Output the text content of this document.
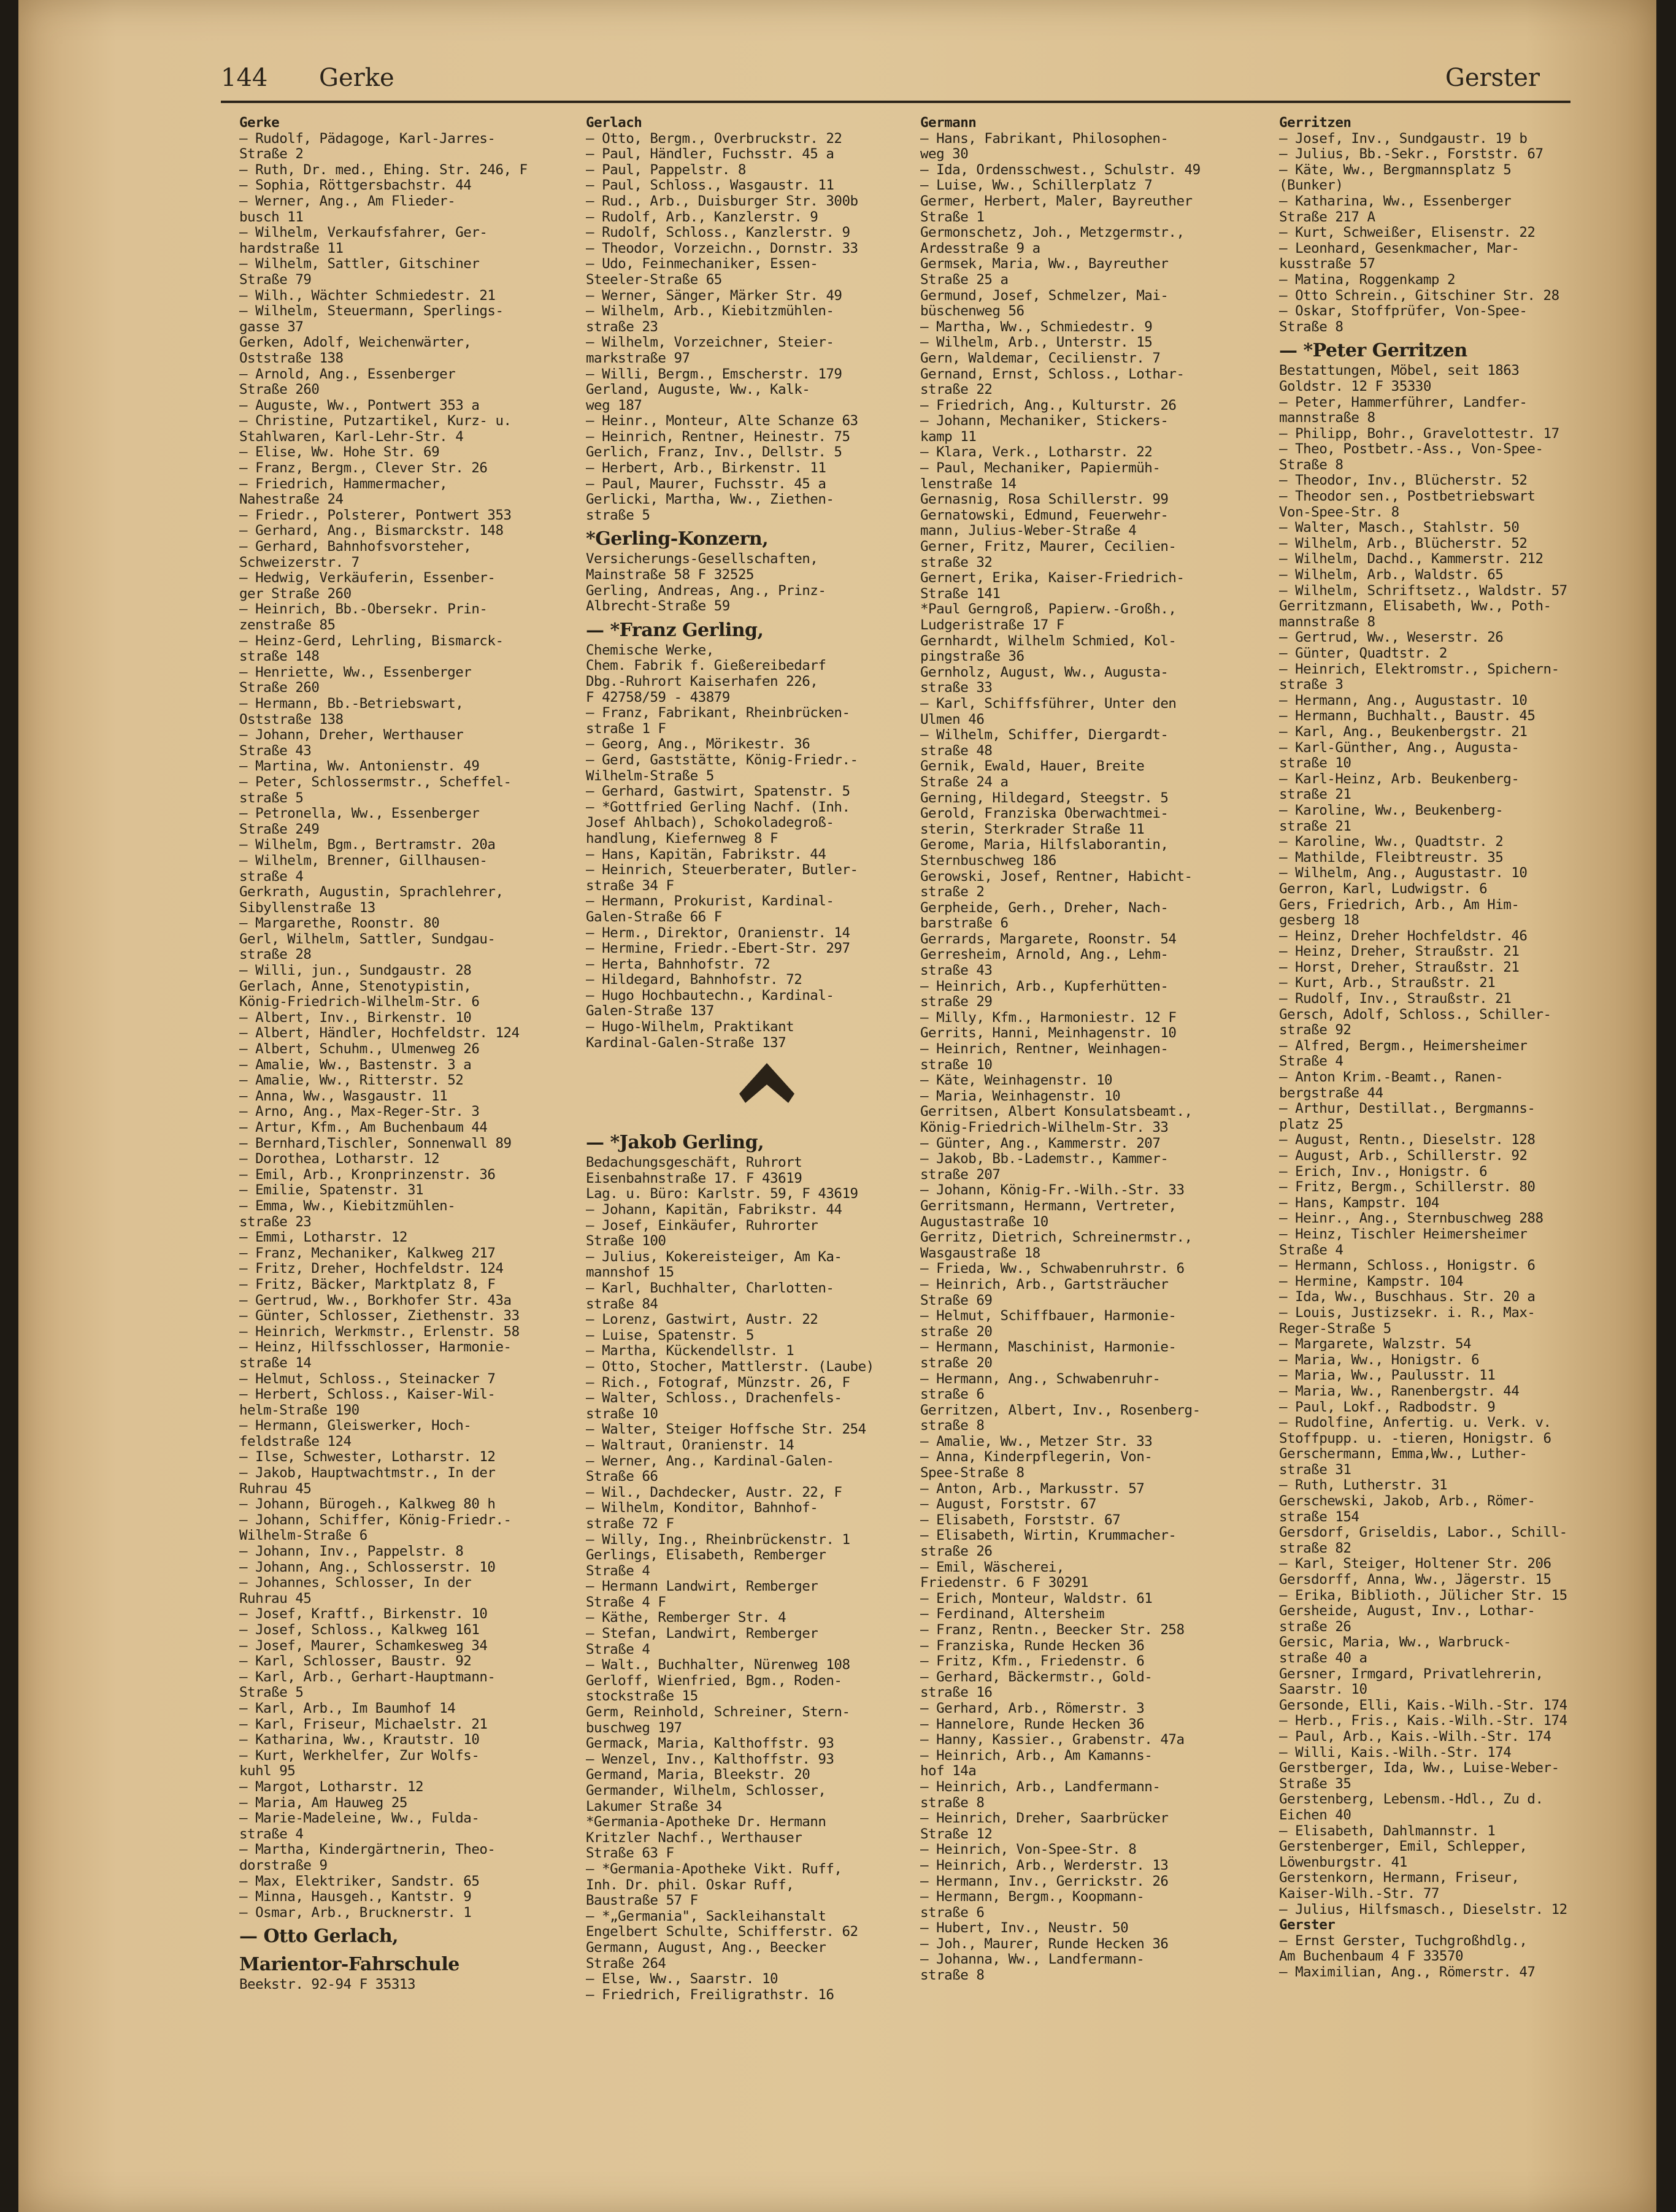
144 Gerke	Gerster
Gerke
— Rudolf, Pädagoge, Karl-Jarres-
Straße 2
— Ruth, Dr. med., Ehing. Str. 246, F
— Sophia, Röttgersbachstr. 44
— Werner, Ang., Am Flieder-
busch 11
— Wilhelm, Verkaufsfahrer, Ger-
hardstraße 11
— Wilhelm, Sattler, Gitschiner
Straße 79
— Wilh., Wächter Schmiedestr. 21
— Wilhelm, Steuermann, Sperlings-
gasse 37
Gerken, Adolf, Weichenwärter,
Oststraße 138
— Arnold, Ang., Essenberger
Straße 260
— Auguste, Ww., Pontwert 353 a
— Christine, Putzartikel, Kurz- u.
Stahlwaren, Karl-Lehr-Str. 4
— Elise, Ww. Hohe Str. 69
— Franz, Bergm., Clever Str. 26
— Friedrich, Hammermacher,
Nahestraße 24
— Friedr., Polsterer, Pontwert 353
— Gerhard, Ang., Bismarckstr. 148
— Gerhard, Bahnhofsvorsteher,
Schweizerstr. 7
— Hedwig, Verkäuferin, Essenber-
ger Straße 260
— Heinrich, Bb.-Obersekr. Prin-
zenstraße 85
— Heinz-Gerd, Lehrling, Bismarck-
straße 148
— Henriette, Ww., Essenberger
Straße 260
— Hermann, Bb.-Betriebswart,
Oststraße 138
— Johann, Dreher, Werthauser
Straße 43
— Martina, Ww. Antonienstr. 49
— Peter, Schlossermstr., Scheffel-
straße 5
— Petronella, Ww., Essenberger
Straße 249
— Wilhelm, Bgm., Bertramstr. 20a
— Wilhelm, Brenner, Gillhausen-
straße 4
Gerkrath, Augustin, Sprachlehrer,
Sibyllenstraße 13
— Margarethe, Roonstr. 80
Gerl, Wilhelm, Sattler, Sundgau-
straße 28
— Willi, jun., Sundgaustr. 28
Gerlach, Anne, Stenotypistin,
König-Friedrich-Wilhelm-Str. 6
— Albert, Inv., Birkenstr. 10
— Albert, Händler, Hochfeldstr. 124
— Albert, Schuhm., Ulmenweg 26
— Amalie, Ww., Bastenstr. 3 a
— Amalie, Ww., Ritterstr. 52
— Anna, Ww., Wasgaustr. 11
— Arno, Ang., Max-Reger-Str. 3
— Artur, Kfm., Am Buchenbaum 44
— Bernhard,Tischler, Sonnenwall 89
— Dorothea, Lotharstr. 12
— Emil, Arb., Kronprinzenstr. 36
— Emilie, Spatenstr. 31
— Emma, Ww., Kiebitzmühlen-
straße 23
— Emmi, Lotharstr. 12
— Franz, Mechaniker, Kalkweg 217
— Fritz, Dreher, Hochfeldstr. 124
— Fritz, Bäcker, Marktplatz 8, F
— Gertrud, Ww., Borkhofer Str. 43a
— Günter, Schlosser, Ziethenstr. 33
— Heinrich, Werkmstr., Erlenstr. 58
— Heinz, Hilfsschlosser, Harmonie-
straße 14
— Helmut, Schloss., Steinacker 7
— Herbert, Schloss., Kaiser-Wil-
helm-Straße 190
— Hermann, Gleiswerker, Hoch-
feldstraße 124
— Ilse, Schwester, Lotharstr. 12
— Jakob, Hauptwachtmstr., In der
Ruhrau 45
— Johann, Bürogeh., Kalkweg 80 h
— Johann, Schiffer, König-Friedr.-
Wilhelm-Straße 6
— Johann, Inv., Pappelstr. 8
— Johann, Ang., Schlosserstr. 10
— Johannes, Schlosser, In der
Ruhrau 45
— Josef, Kraftf., Birkenstr. 10
— Josef, Schloss., Kalkweg 161
— Josef, Maurer, Schamkesweg 34
— Karl, Schlosser, Baustr. 92
— Karl, Arb., Gerhart-Hauptmann-
Straße 5
— Karl, Arb., Im Baumhof 14
— Karl, Friseur, Michaelstr. 21
— Katharina, Ww., Krautstr. 10
— Kurt, Werkhelfer, Zur Wolfs-
kuhl 95
— Margot, Lotharstr. 12
— Maria, Am Hauweg 25
— Marie-Madeleine, Ww., Fulda-
straße 4
— Martha, Kindergärtnerin, Theo-
dorstraße 9
— Max, Elektriker, Sandstr. 65
— Minna, Hausgeh., Kantstr. 9
— Osmar, Arb., Brucknerstr. 1
— Otto Gerlach,
Marientor-Fahrschule
Beekstr. 92-94 F 35313
Gerlach
— Otto, Bergm., Overbruckstr. 22
— Paul, Händler, Fuchsstr. 45 a
— Paul, Pappelstr. 8
— Paul, Schloss., Wasgaustr. 11
— Rud., Arb., Duisburger Str. 300b
— Rudolf, Arb., Kanzlerstr. 9
— Rudolf, Schloss., Kanzlerstr. 9
— Theodor, Vorzeichn., Dornstr. 33
— Udo, Feinmechaniker, Essen-
Steeler-Straße 65
— Werner, Sänger, Märker Str. 49
— Wilhelm, Arb., Kiebitzmühlen-
straße 23
— Wilhelm, Vorzeichner, Steier-
markstraße 97
— Willi, Bergm., Emscherstr. 179
Gerland, Auguste, Ww., Kalk-
weg 187
— Heinr., Monteur, Alte Schanze 63
— Heinrich, Rentner, Heinestr. 75
Gerlich, Franz, Inv., Dellstr. 5
— Herbert, Arb., Birkenstr. 11
— Paul, Maurer, Fuchsstr. 45 a
Gerlicki, Martha, Ww., Ziethen-
straße 5
*Gerling-Konzern,
Versicherungs-Gesellschaften,
Mainstraße 58 F 32525
Gerling, Andreas, Ang., Prinz-
Albrecht-Straße 59
— *Franz Gerling,
Chemische Werke,
Chem. Fabrik f. Gießereibedarf
Dbg.-Ruhrort Kaiserhafen 226,
F 42758/59 - 43879
— Franz, Fabrikant, Rheinbrücken-
straße 1 F
— Georg, Ang., Mörikestr. 36
— Gerd, Gaststätte, König-Friedr.-
Wilhelm-Straße 5
— Gerhard, Gastwirt, Spatenstr. 5
— *Gottfried Gerling Nachf. (Inh.
Josef Ahlbach), Schokoladegroß-
handlung, Kiefernweg 8 F
— Hans, Kapitän, Fabrikstr. 44
— Heinrich, Steuerberater, Butler-
straße 34 F
— Hermann, Prokurist, Kardinal-
Galen-Straße 66 F
— Herm., Direktor, Oranienstr. 14
— Hermine, Friedr.-Ebert-Str. 297
— Herta, Bahnhofstr. 72
— Hildegard, Bahnhofstr. 72
— Hugo Hochbautechn., Kardinal-
Galen-Straße 137
— Hugo-Wilhelm, Praktikant
Kardinal-Galen-Straße 137
— *Jakob Gerling,
Bedachungsgeschäft, Ruhrort
Eisenbahnstraße 17. F 43619
Lag. u. Büro: Karlstr. 59, F 43619
— Johann, Kapitän, Fabrikstr. 44
— Josef, Einkäufer, Ruhrorter
Straße 100
— Julius, Kokereisteiger, Am Ka-
mannshof 15
— Karl, Buchhalter, Charlotten-
straße 84
— Lorenz, Gastwirt, Austr. 22
— Luise, Spatenstr. 5
— Martha, Kückendellstr. 1
— Otto, Stocher, Mattlerstr. (Laube)
— Rich., Fotograf, Münzstr. 26, F
— Walter, Schloss., Drachenfels-
straße 10
— Walter, Steiger Hoffsche Str. 254
— Waltraut, Oranienstr. 14
— Werner, Ang., Kardinal-Galen-
Straße 66
— Wil., Dachdecker, Austr. 22, F
— Wilhelm, Konditor, Bahnhof-
straße 72 F
— Willy, Ing., Rheinbrückenstr. 1
Gerlings, Elisabeth, Remberger
Straße 4
— Hermann Landwirt, Remberger
Straße 4 F
— Käthe, Remberger Str. 4
— Stefan, Landwirt, Remberger
Straße 4
— Walt., Buchhalter, Nürenweg 108
Gerloff, Wienfried, Bgm., Roden-
stockstraße 15
Germ, Reinhold, Schreiner, Stern-
buschweg 197
Germack, Maria, Kalthoffstr. 93
— Wenzel, Inv., Kalthoffstr. 93
Germand, Maria, Bleekstr. 20
Germander, Wilhelm, Schlosser,
Lakumer Straße 34
*Germania-Apotheke Dr. Hermann
Kritzler Nachf., Werthauser
Straße 63 F
— *Germania-Apotheke Vikt. Ruff,
Inh. Dr. phil. Oskar Ruff,
Baustraße 57 F
— *„Germania", Sackleihanstalt
Engelbert Schulte, Schifferstr. 62
Germann, August, Ang., Beecker
Straße 264
— Else, Ww., Saarstr. 10
— Friedrich, Freiligrathstr. 16
Germann
— Hans, Fabrikant, Philosophen-
weg 30
— Ida, Ordensschwest., Schulstr. 49
— Luise, Ww., Schillerplatz 7
Germer, Herbert, Maler, Bayreuther
Straße 1
Germonschetz, Joh., Metzgermstr.,
Ardesstraße 9 a
Germsek, Maria, Ww., Bayreuther
Straße 25 a
Germund, Josef, Schmelzer, Mai-
büschenweg 56
— Martha, Ww., Schmiedestr. 9
— Wilhelm, Arb., Unterstr. 15
Gern, Waldemar, Cecilienstr. 7
Gernand, Ernst, Schloss., Lothar-
straße 22
— Friedrich, Ang., Kulturstr. 26
— Johann, Mechaniker, Stickers-
kamp 11
— Klara, Verk., Lotharstr. 22
— Paul, Mechaniker, Papiermüh-
lenstraße 14
Gernasnig, Rosa Schillerstr. 99
Gernatowski, Edmund, Feuerwehr-
mann, Julius-Weber-Straße 4
Gerner, Fritz, Maurer, Cecilien-
straße 32
Gernert, Erika, Kaiser-Friedrich-
Straße 141
*Paul Gerngroß, Papierw.-Großh.,
Ludgeristraße 17 F
Gernhardt, Wilhelm Schmied, Kol-
pingstraße 36
Gernholz, August, Ww., Augusta-
straße 33
— Karl, Schiffsführer, Unter den
Ulmen 46
— Wilhelm, Schiffer, Diergardt-
straße 48
Gernik, Ewald, Hauer, Breite
Straße 24 a
Gerning, Hildegard, Steegstr. 5
Gerold, Franziska Oberwachtmei-
sterin, Sterkrader Straße 11
Gerome, Maria, Hilfslaborantin,
Sternbuschweg 186
Gerowski, Josef, Rentner, Habicht-
straße 2
Gerpheide, Gerh., Dreher, Nach-
barstraße 6
Gerrards, Margarete, Roonstr. 54
Gerresheim, Arnold, Ang., Lehm-
straße 43
— Heinrich, Arb., Kupferhütten-
straße 29
— Milly, Kfm., Harmoniestr. 12 F
Gerrits, Hanni, Meinhagenstr. 10
— Heinrich, Rentner, Weinhagen-
straße 10
— Käte, Weinhagenstr. 10
— Maria, Weinhagenstr. 10
Gerritsen, Albert Konsulatsbeamt.,
König-Friedrich-Wilhelm-Str. 33
— Günter, Ang., Kammerstr. 207
— Jakob, Bb.-Lademstr., Kammer-
straße 207
— Johann, König-Fr.-Wilh.-Str. 33
Gerritsmann, Hermann, Vertreter,
Augustastraße 10
Gerritz, Dietrich, Schreinermstr.,
Wasgaustraße 18
— Frieda, Ww., Schwabenruhrstr. 6
— Heinrich, Arb., Gartsträucher
Straße 69
— Helmut, Schiffbauer, Harmonie-
straße 20
— Hermann, Maschinist, Harmonie-
straße 20
— Hermann, Ang., Schwabenruhr-
straße 6
Gerritzen, Albert, Inv., Rosenberg-
straße 8
— Amalie, Ww., Metzer Str. 33
— Anna, Kinderpflegerin, Von-
Spee-Straße 8
— Anton, Arb., Markusstr. 57
— August, Forststr. 67
— Elisabeth, Forststr. 67
— Elisabeth, Wirtin, Krummacher-
straße 26
— Emil, Wäscherei,
Friedenstr. 6 F 30291
— Erich, Monteur, Waldstr. 61
— Ferdinand, Altersheim
— Franz, Rentn., Beecker Str. 258
— Franziska, Runde Hecken 36
— Fritz, Kfm., Friedenstr. 6
— Gerhard, Bäckermstr., Gold-
straße 16
— Gerhard, Arb., Römerstr. 3
— Hannelore, Runde Hecken 36
— Hanny, Kassier., Grabenstr. 47a
— Heinrich, Arb., Am Kamanns-
hof 14a
— Heinrich, Arb., Landfermann-
straße 8
— Heinrich, Dreher, Saarbrücker
Straße 12
— Heinrich, Von-Spee-Str. 8
— Heinrich, Arb., Werderstr. 13
— Hermann, Inv., Gerrickstr. 26
— Hermann, Bergm., Koopmann-
straße 6
— Hubert, Inv., Neustr. 50
— Joh., Maurer, Runde Hecken 36
— Johanna, Ww., Landfermann-
straße 8
Gerritzen
— Josef, Inv., Sundgaustr. 19 b
— Julius, Bb.-Sekr., Forststr. 67
— Käte, Ww., Bergmannsplatz 5
(Bunker)
— Katharina, Ww., Essenberger
Straße 217 A
— Kurt, Schweißer, Elisenstr. 22
— Leonhard, Gesenkmacher, Mar-
kusstraße 57
— Matina, Roggenkamp 2
— Otto Schrein., Gitschiner Str. 28
— Oskar, Stoffprüfer, Von-Spee-
Straße 8
— *Peter Gerritzen
Bestattungen, Möbel, seit 1863
Goldstr. 12 F 35330
— Peter, Hammerführer, Landfer-
mannstraße 8
— Philipp, Bohr., Gravelottestr. 17
— Theo, Postbetr.-Ass., Von-Spee-
Straße 8
— Theodor, Inv., Blücherstr. 52
— Theodor sen., Postbetriebswart
Von-Spee-Str. 8
— Walter, Masch., Stahlstr. 50
— Wilhelm, Arb., Blücherstr. 52
— Wilhelm, Dachd., Kammerstr. 212
— Wilhelm, Arb., Waldstr. 65
— Wilhelm, Schriftsetz., Waldstr. 57
Gerritzmann, Elisabeth, Ww., Poth-
mannstraße 8
— Gertrud, Ww., Weserstr. 26
— Günter, Quadtstr. 2
— Heinrich, Elektromstr., Spichern-
straße 3
— Hermann, Ang., Augustastr. 10
— Hermann, Buchhalt., Baustr. 45
— Karl, Ang., Beukenbergstr. 21
— Karl-Günther, Ang., Augusta-
straße 10
— Karl-Heinz, Arb. Beukenberg-
straße 21
— Karoline, Ww., Beukenberg-
straße 21
— Karoline, Ww., Quadtstr. 2
— Mathilde, Fleibtreustr. 35
— Wilhelm, Ang., Augustastr. 10
Gerron, Karl, Ludwigstr. 6
Gers, Friedrich, Arb., Am Him-
gesberg 18
— Heinz, Dreher Hochfeldstr. 46
— Heinz, Dreher, Straußstr. 21
— Horst, Dreher, Straußstr. 21
— Kurt, Arb., Straußstr. 21
— Rudolf, Inv., Straußstr. 21
Gersch, Adolf, Schloss., Schiller-
straße 92
— Alfred, Bergm., Heimersheimer
Straße 4
— Anton Krim.-Beamt., Ranen-
bergstraße 44
— Arthur, Destillat., Bergmanns-
platz 25
— August, Rentn., Dieselstr. 128
— August, Arb., Schillerstr. 92
— Erich, Inv., Honigstr. 6
— Fritz, Bergm., Schillerstr. 80
— Hans, Kampstr. 104
— Heinr., Ang., Sternbuschweg 288
— Heinz, Tischler Heimersheimer
Straße 4
— Hermann, Schloss., Honigstr. 6
— Hermine, Kampstr. 104
— Ida, Ww., Buschhaus. Str. 20 a
— Louis, Justizsekr. i. R., Max-
Reger-Straße 5
— Margarete, Walzstr. 54
— Maria, Ww., Honigstr. 6
— Maria, Ww., Paulusstr. 11
— Maria, Ww., Ranenbergstr. 44
— Paul, Lokf., Radbodstr. 9
— Rudolfine, Anfertig. u. Verk. v.
Stoffpupp. u. -tieren, Honigstr. 6
Gerschermann, Emma,Ww., Luther-
straße 31
— Ruth, Lutherstr. 31
Gerschewski, Jakob, Arb., Römer-
straße 154
Gersdorf, Griseldis, Labor., Schill-
straße 82
— Karl, Steiger, Holtener Str. 206
Gersdorff, Anna, Ww., Jägerstr. 15
— Erika, Biblioth., Jülicher Str. 15
Gersheide, August, Inv., Lothar-
straße 26
Gersic, Maria, Ww., Warbruck-
straße 40 a
Gersner, Irmgard, Privatlehrerin,
Saarstr. 10
Gersonde, Elli, Kais.-Wilh.-Str. 174
— Herb., Fris., Kais.-Wilh.-Str. 174
— Paul, Arb., Kais.-Wilh.-Str. 174
— Willi, Kais.-Wilh.-Str. 174
Gerstberger, Ida, Ww., Luise-Weber-
Straße 35
Gerstenberg, Lebensm.-Hdl., Zu d.
Eichen 40
— Elisabeth, Dahlmannstr. 1
Gerstenberger, Emil, Schlepper,
Löwenburgstr. 41
Gerstenkorn, Hermann, Friseur,
Kaiser-Wilh.-Str. 77
— Julius, Hilfsmasch., Dieselstr. 12
Gerster
— Ernst Gerster, Tuchgroßhdlg.,
Am Buchenbaum 4 F 33570
— Maximilian, Ang., Römerstr. 47
